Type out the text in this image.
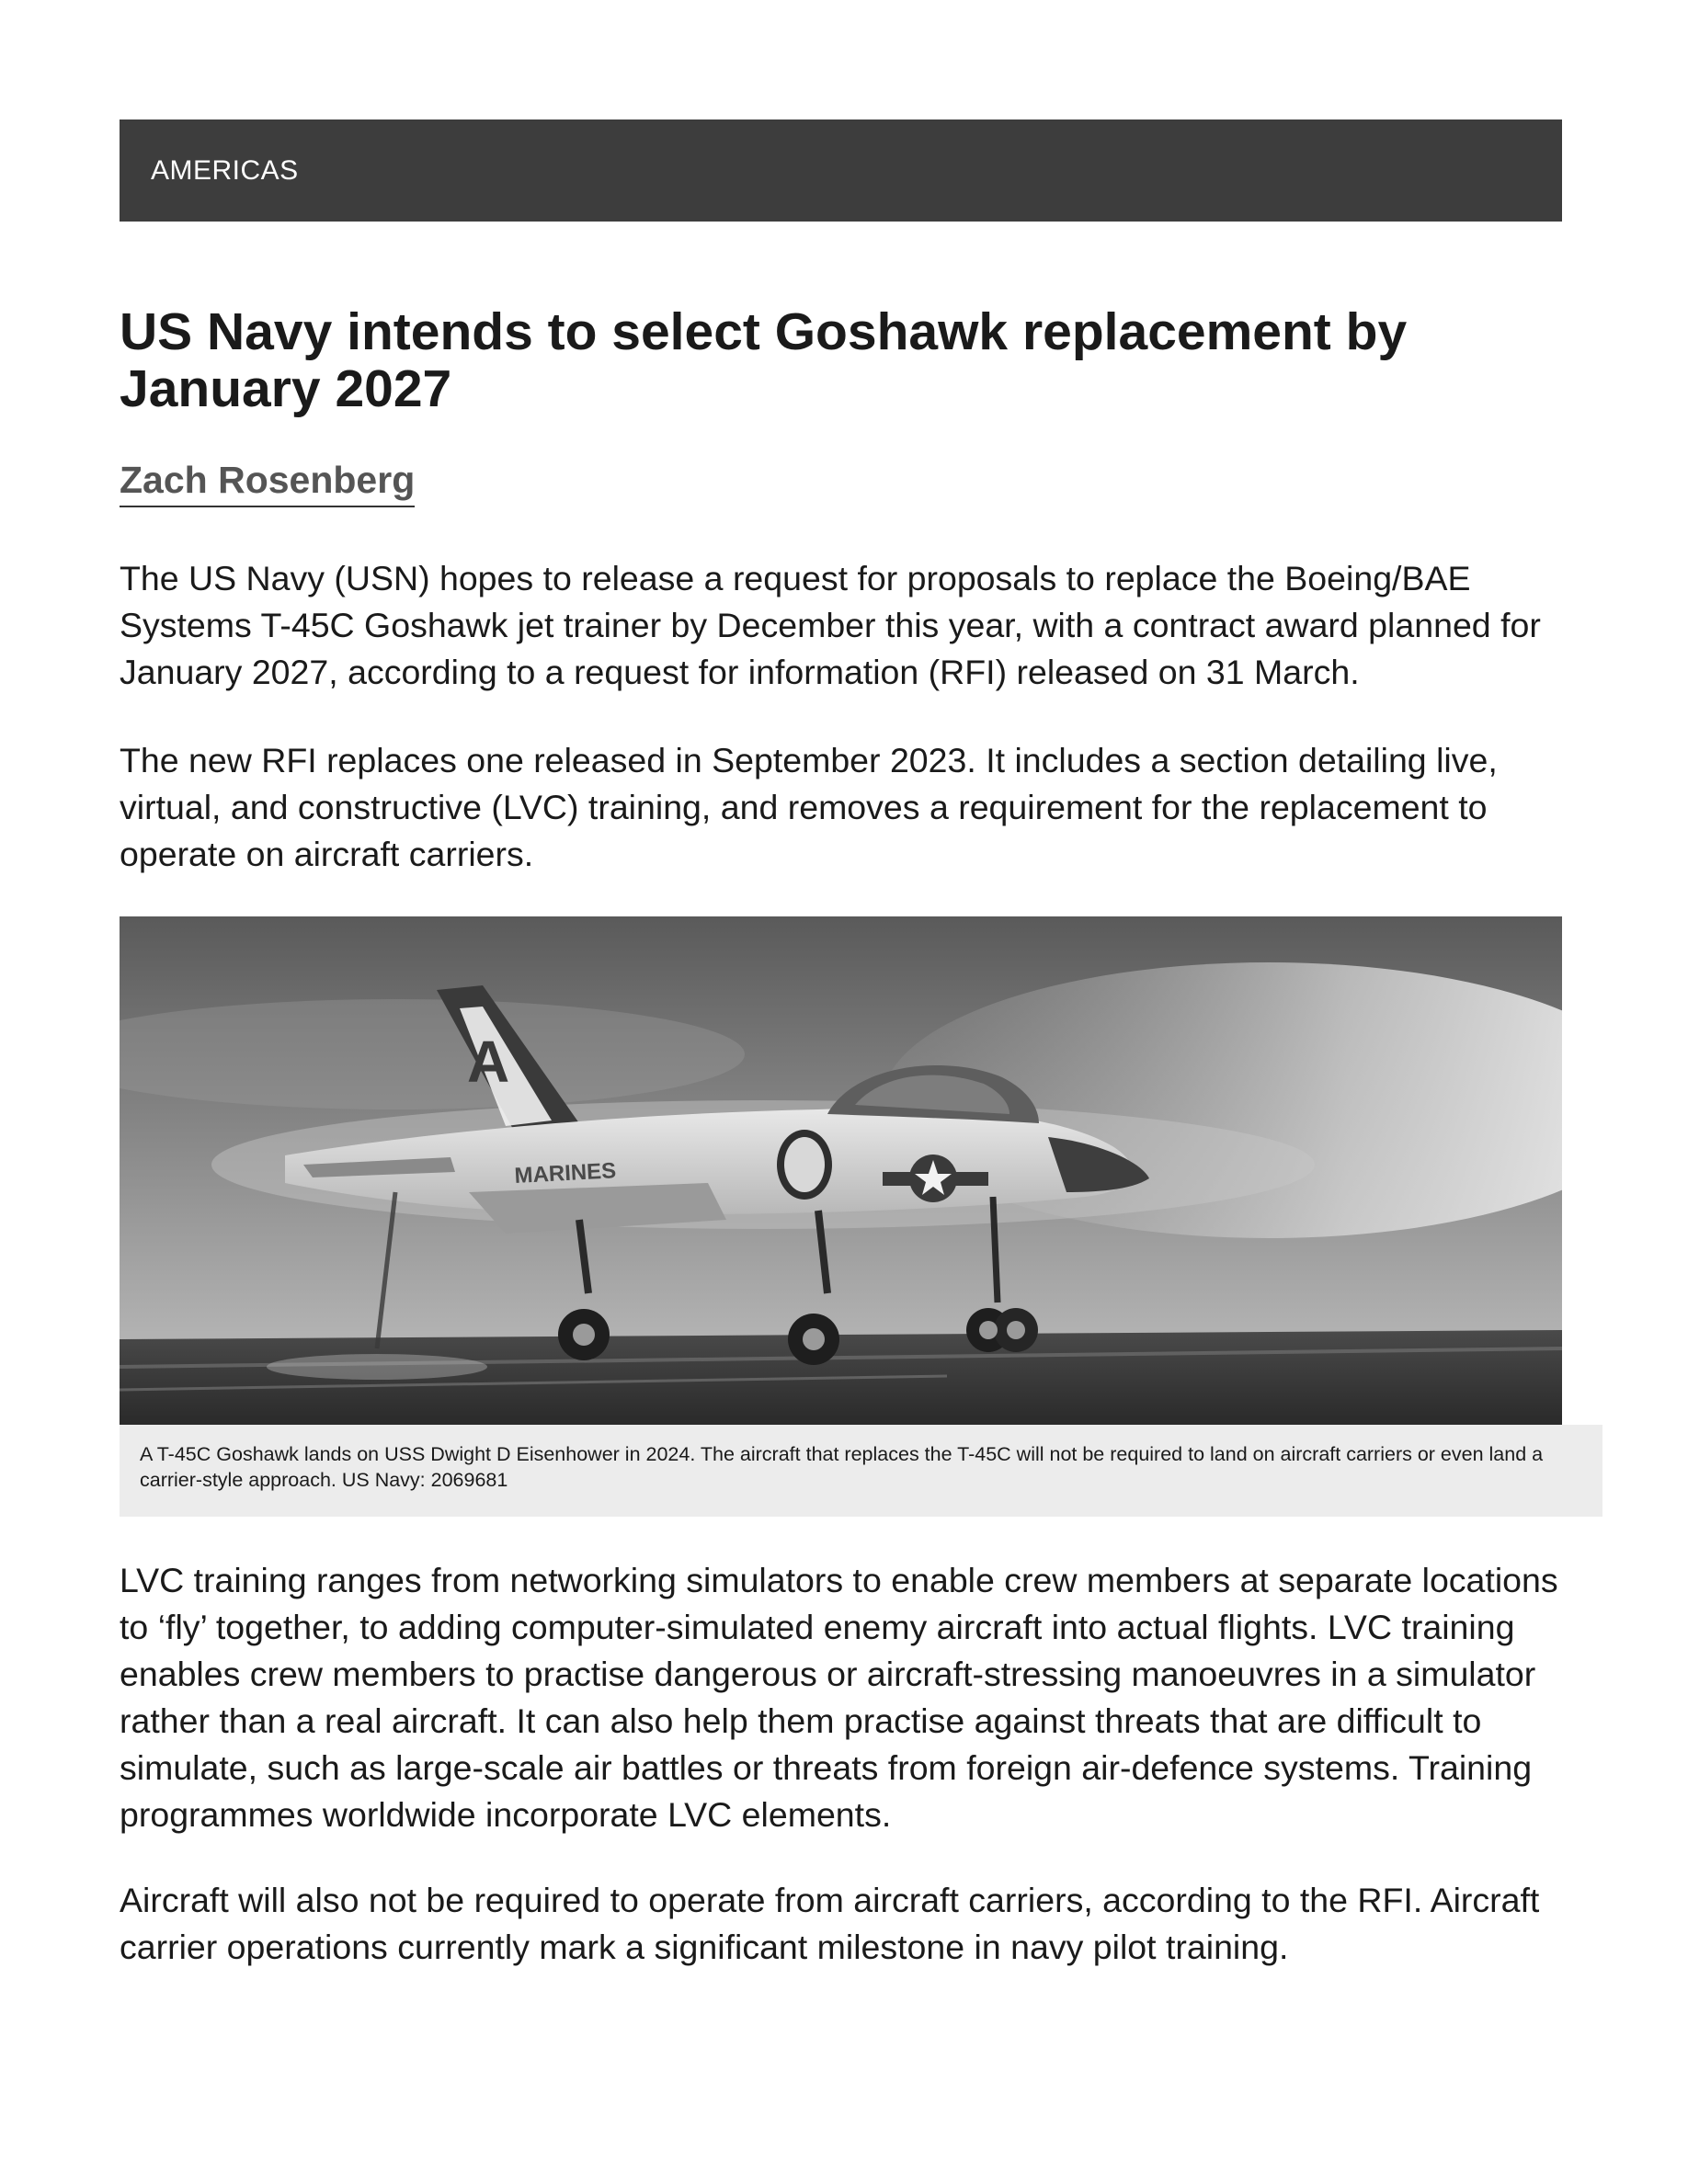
AMERICAS
US Navy intends to select Goshawk replacement by January 2027
Zach Rosenberg

The US Navy (USN) hopes to release a request for proposals to replace the Boeing/BAE Systems T-45C Goshawk jet trainer by December this year, with a contract award planned for January 2027, according to a request for information (RFI) released on 31 March.

The new RFI replaces one released in September 2023. It includes a section detailing live, virtual, and constructive (LVC) training, and removes a requirement for the replacement to operate on aircraft carriers.

A
MARINES
A T-45C Goshawk lands on USS Dwight D Eisenhower in 2024. The aircraft that replaces the T-45C will not be required to land on aircraft carriers or even land a carrier-style approach. US Navy: 2069681

LVC training ranges from networking simulators to enable crew members at separate locations to ‘fly’ together, to adding computer-simulated enemy aircraft into actual flights. LVC training enables crew members to practise dangerous or aircraft-stressing manoeuvres in a simulator rather than a real aircraft. It can also help them practise against threats that are difficult to simulate, such as large-scale air battles or threats from foreign air-defence systems. Training programmes worldwide incorporate LVC elements.

Aircraft will also not be required to operate from aircraft carriers, according to the RFI. Aircraft carrier operations currently mark a significant milestone in navy pilot training.
